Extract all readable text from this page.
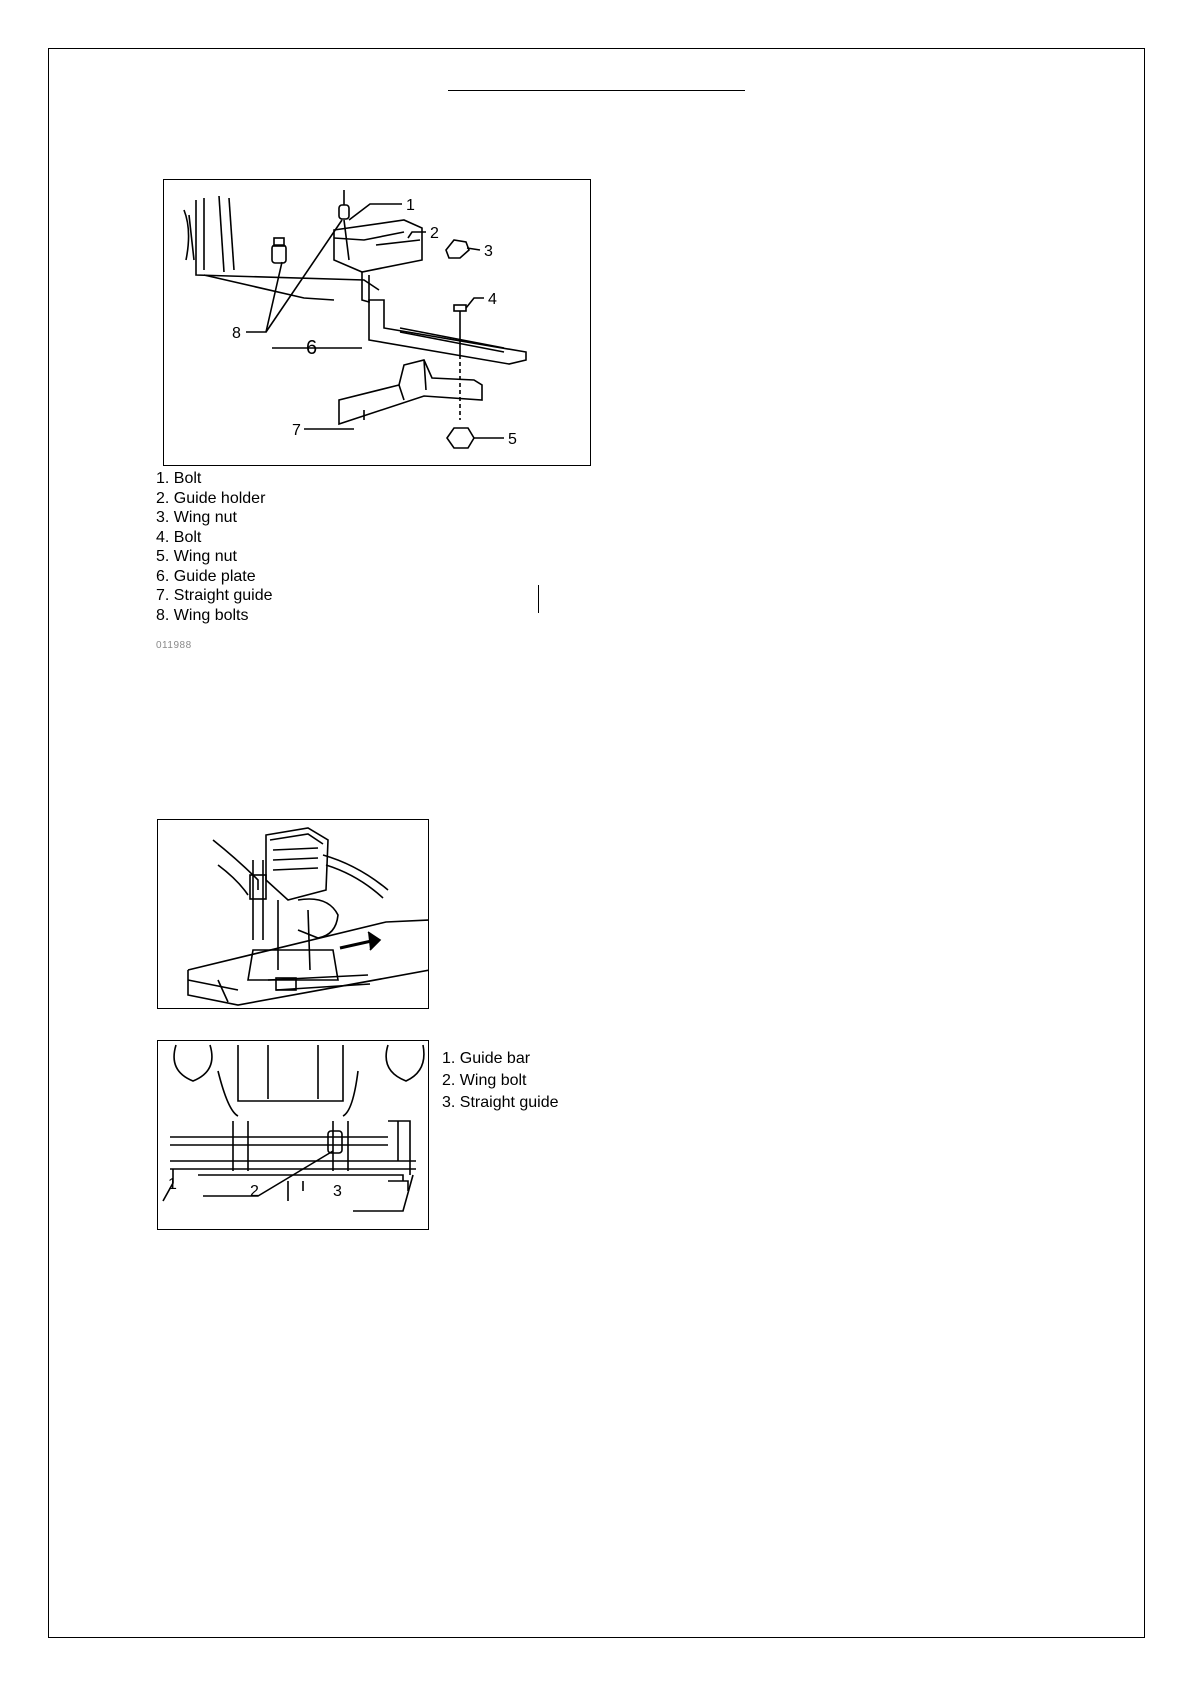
1
2
3
4
5
6
7
8
1. Bolt
2. Guide holder
3. Wing nut
4. Bolt
5. Wing nut
6. Guide plate
7. Straight guide
8. Wing bolts
011988
1	2	3
1. Guide bar
2. Wing bolt
3. Straight guide
